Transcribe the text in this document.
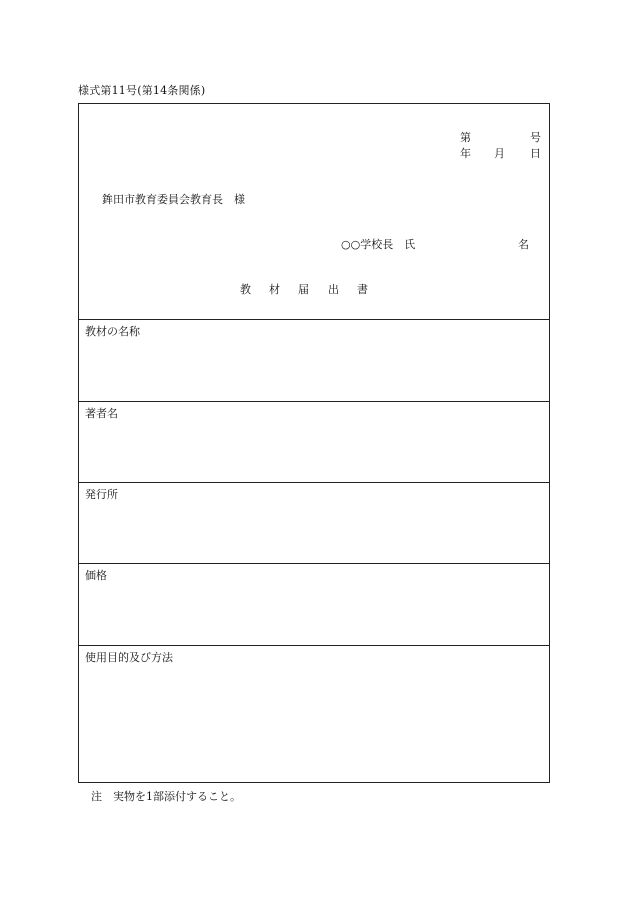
様式第11号(第14条関係)
第	号
年 月 日
鉾田市教育委員会教育長　様
○○学校長　氏	名
教 材 届 出 書
教材の名称
著者名
発行所
価格
使用目的及び方法
注　実物を1部添付すること。
